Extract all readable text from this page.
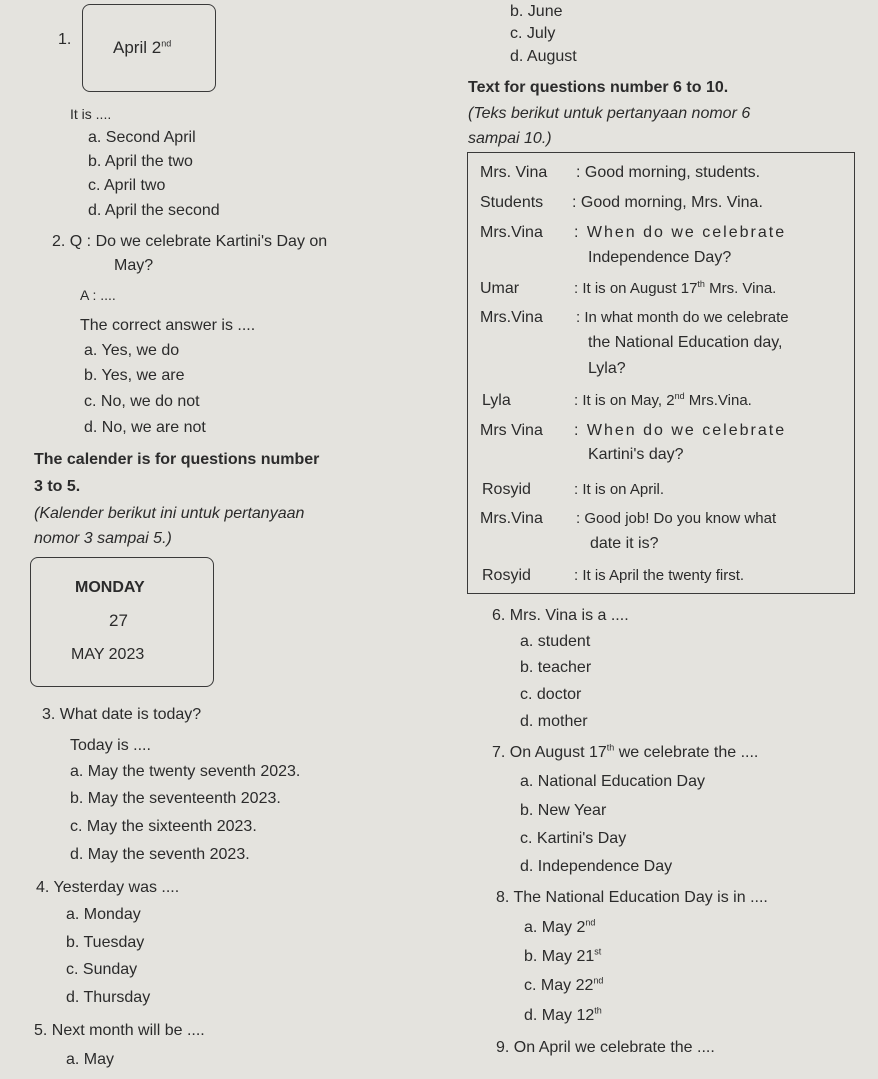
b. June
c. July
d. August
1. April 2nd
It is ....
a. Second April
b. April the two
c. April two
d. April the second
2. Q : Do we celebrate Kartini's Day on
May?
A : ....
The correct answer is ....
a. Yes, we do
b. Yes, we are
c. No, we do not
d. No, we are not
The calender is for questions number
3 to 5.
(Kalender berikut ini untuk pertanyaan
nomor 3 sampai 5.)
MONDAY
27
MAY 2023
3. What date is today?
Today is ....
a. May the twenty seventh 2023.
b. May the seventeenth 2023.
c. May the sixteenth 2023.
d. May the seventh 2023.
4. Yesterday was ....
a. Monday
b. Tuesday
c. Sunday
d. Thursday
5. Next month will be ....
a. May
Text for questions number 6 to 10.
(Teks berikut untuk pertanyaan nomor 6
sampai 10.)
Mrs. Vina : Good morning, students.
Students : Good morning, Mrs. Vina.
Mrs.Vina : When do we celebrate
Independence Day?
Umar	: It is on August 17th Mrs. Vina.
Mrs.Vina : In what month do we celebrate
the National Education day,
Lyla?
Lyla	: It is on May, 2nd Mrs.Vina.
Mrs Vina : When do we celebrate
Kartini's day?
Rosyid	: It is on April.
Mrs.Vina : Good job! Do you know what
date it is?
Rosyid	: It is April the twenty first.
6. Mrs. Vina is a ....
a. student
b. teacher
c. doctor
d. mother
7. On August 17th we celebrate the ....
a. National Education Day
b. New Year
c. Kartini's Day
d. Independence Day
8. The National Education Day is in ....
a. May 2nd
b. May 21st
c. May 22nd
d. May 12th
9. On April we celebrate the ....
